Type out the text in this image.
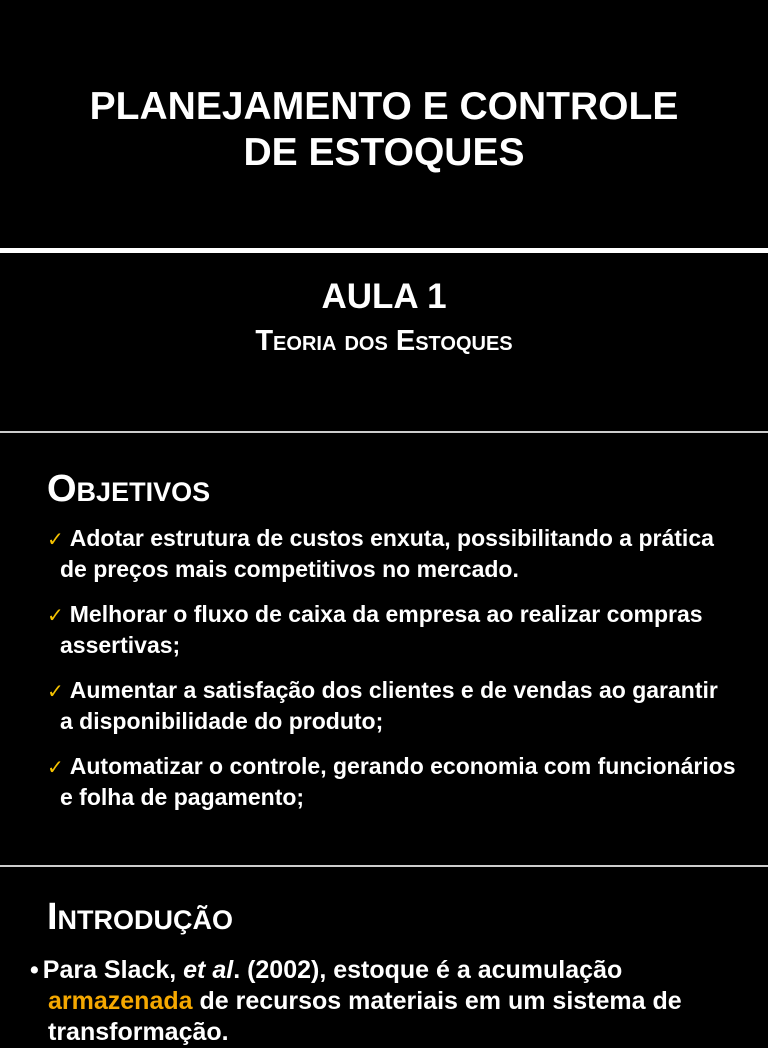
PLANEJAMENTO E CONTROLE
DE ESTOQUES
AULA 1
Teoria dos Estoques
Objetivos
✓ Adotar estrutura de custos enxuta, possibilitando a prática de preços mais competitivos no mercado.
✓ Melhorar o fluxo de caixa da empresa ao realizar compras assertivas;
✓ Aumentar a satisfação dos clientes e de vendas ao garantir a disponibilidade do produto;
✓ Automatizar o controle, gerando economia com funcionários e folha de pagamento;
Introdução

• Para Slack, et al. (2002), estoque é a acumulação armazenada de recursos materiais em um sistema de transformação.
